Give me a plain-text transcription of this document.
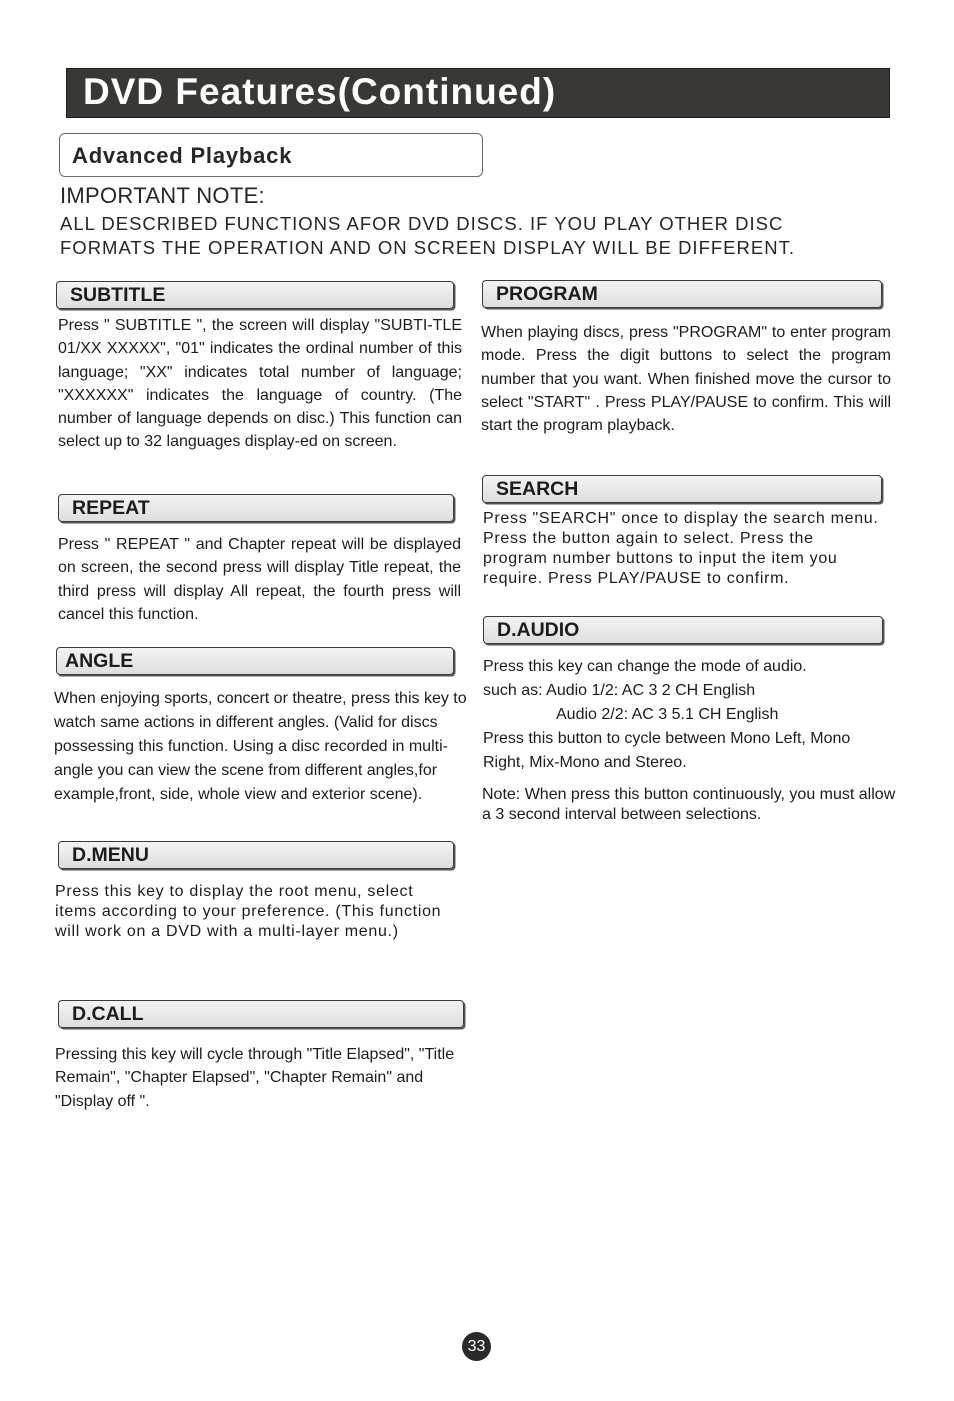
DVD Features(Continued)
Advanced Playback
IMPORTANT NOTE:
ALL DESCRIBED FUNCTIONS AFOR DVD DISCS. IF YOU PLAY OTHER DISC FORMATS THE OPERATION AND ON SCREEN DISPLAY WILL BE DIFFERENT.
SUBTITLE
Press " SUBTITLE ", the screen will display "SUBTI-TLE 01/XX XXXXX", "01" indicates the ordinal number of this language; "XX" indicates total number of language; "XXXXXX" indicates the language of country. (The number of language depends on disc.) This function can select up to 32 languages display-ed on screen.
REPEAT
Press " REPEAT " and Chapter repeat will be displayed on screen, the second press will display Title repeat, the third press will display All repeat, the fourth press will cancel this function.
ANGLE
When enjoying sports, concert or theatre, press this key to watch same actions in different angles. (Valid for discs possessing this function. Using a disc recorded in multi-angle you can view the scene from different angles,for example,front, side, whole view and exterior scene).
D.MENU
Press this key to display the root menu, select items according to your preference. (This function will work on a DVD with a multi-layer menu.)
D.CALL
Pressing this key will cycle through "Title Elapsed", "Title Remain", "Chapter Elapsed", "Chapter Remain" and "Display off ".
PROGRAM
When playing discs, press "PROGRAM" to enter program mode. Press the digit buttons to select the program number that you want. When finished move the cursor to select "START" . Press PLAY/PAUSE to confirm. This will start the program playback.
SEARCH
Press "SEARCH" once to display the search menu. Press the button again to select. Press the program number buttons to input the item you require. Press PLAY/PAUSE to confirm.
D.AUDIO
Press this key can change the mode of audio.
such as: Audio 1/2: AC 3 2 CH English
Audio 2/2: AC 3 5.1 CH English
Press this button to cycle between Mono Left, Mono
Right, Mix-Mono and Stereo.
Note: When press this button continuously, you must allow a 3 second interval between selections.
33
